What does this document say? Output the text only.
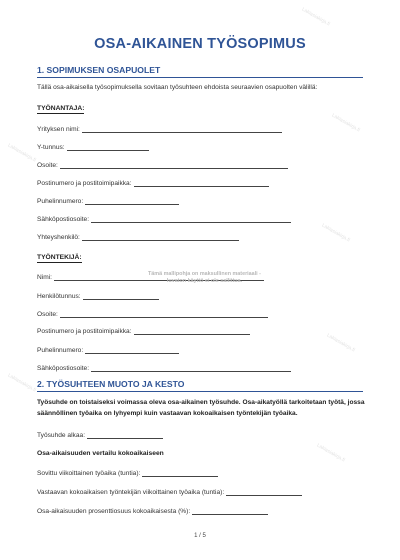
Lakiasiakirja.fi
Lakiasiakirja.fi
Lakiasiakirja.fi
Lakiasiakirja.fi
Lakiasiakirja.fi
Lakiasiakirja.fi
Lakiasiakirja.fi
OSA-AIKAINEN TYÖSOPIMUS
1. SOPIMUKSEN OSAPUOLET
Tällä osa-aikaisella työsopimuksella sovitaan työsuhteen ehdoista seuraavien osapuolten välillä:
TYÖNANTAJA:
Yrityksen nimi:
Y-tunnus:
Osoite:
Postinumero ja postitoimipaikka:
Puhelinnumero:
Sähköpostiosoite:
Yhteyshenkilö:
TYÖNTEKIJÄ:
Nimi:	Tämä mallipohja on maksullinen materiaali -
luvaton käyttö ei ole sallittua.
Henkilötunnus:
Osoite:
Postinumero ja postitoimipaikka:
Puhelinnumero:
Sähköpostiosoite:
2. TYÖSUHTEEN MUOTO JA KESTO
Työsuhde on toistaiseksi voimassa oleva osa-aikainen työsuhde. Osa-aikatyöllä tarkoitetaan työtä, jossa säännöllinen työaika on lyhyempi kuin vastaavan kokoaikaisen työntekijän työaika.
Työsuhde alkaa:
Osa-aikaisuuden vertailu kokoaikaiseen
Sovittu viikoittainen työaika (tuntia):
Vastaavan kokoaikaisen työntekijän viikoittainen työaika (tuntia):
Osa-aikaisuuden prosenttiosuus kokoaikaisesta (%):
1 / 5
